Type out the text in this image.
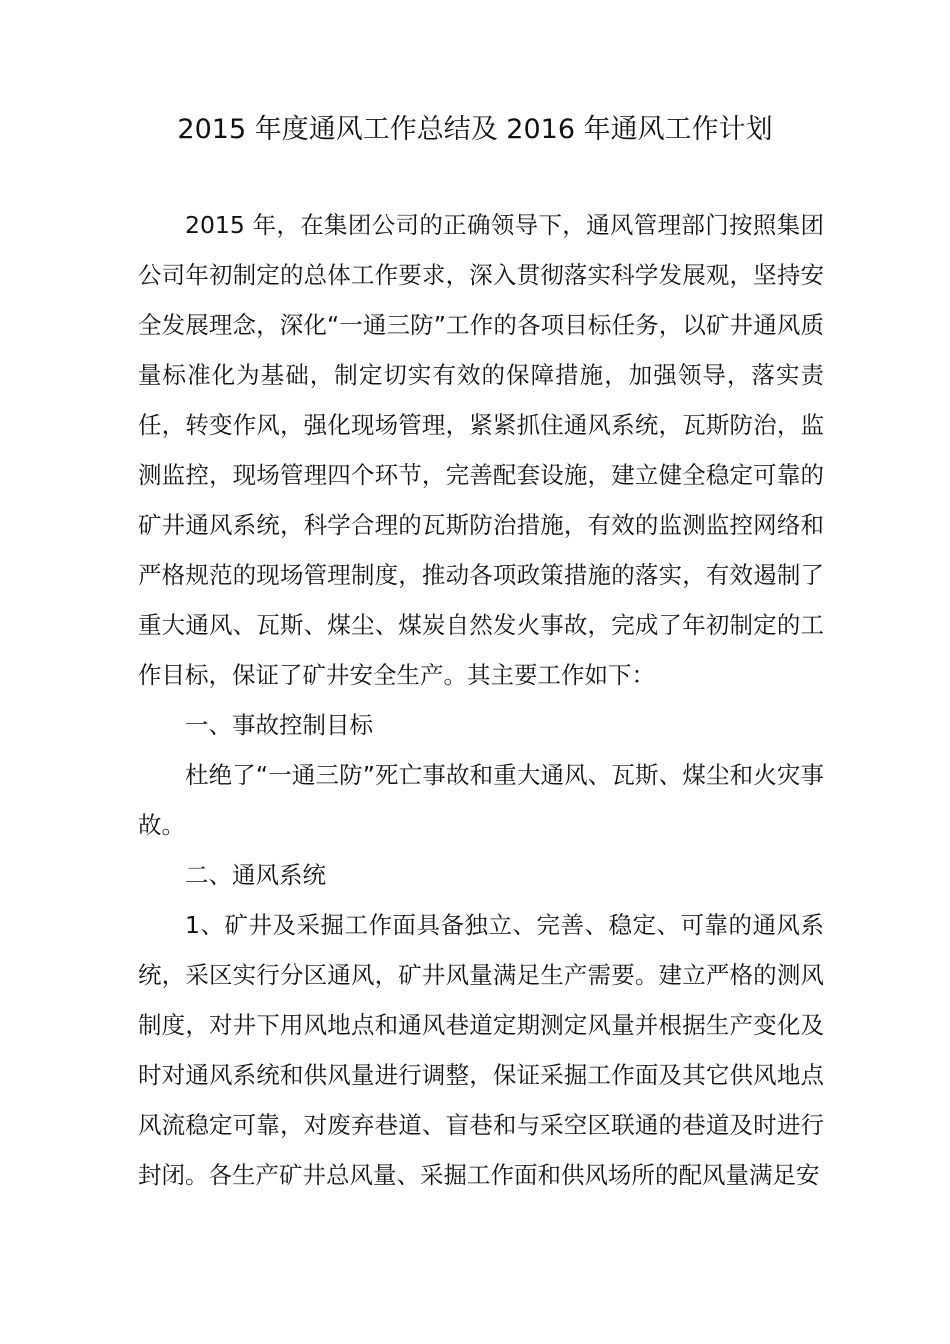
2015 年度通风工作总结及 2016 年通风工作计划

2015 年，在集团公司的正确领导下，通风管理部门按照集团公司年初制定的总体工作要求，深入贯彻落实科学发展观，坚持安全发展理念，深化“一通三防”工作的各项目标任务，以矿井通风质量标准化为基础，制定切实有效的保障措施，加强领导，落实责任，转变作风，强化现场管理，紧紧抓住通风系统，瓦斯防治，监测监控，现场管理四个环节，完善配套设施，建立健全稳定可靠的矿井通风系统，科学合理的瓦斯防治措施，有效的监测监控网络和严格规范的现场管理制度，推动各项政策措施的落实，有效遏制了重大通风、瓦斯、煤尘、煤炭自然发火事故，完成了年初制定的工作目标，保证了矿井安全生产。其主要工作如下：

一、事故控制目标

杜绝了“一通三防”死亡事故和重大通风、瓦斯、煤尘和火灾事故。

二、通风系统

1、矿井及采掘工作面具备独立、完善、稳定、可靠的通风系统，采区实行分区通风，矿井风量满足生产需要。建立严格的测风制度，对井下用风地点和通风巷道定期测定风量并根据生产变化及时对通风系统和供风量进行调整，保证采掘工作面及其它供风地点风流稳定可靠，对废弃巷道、盲巷和与采空区联通的巷道及时进行封闭。各生产矿井总风量、采掘工作面和供风场所的配风量满足安
